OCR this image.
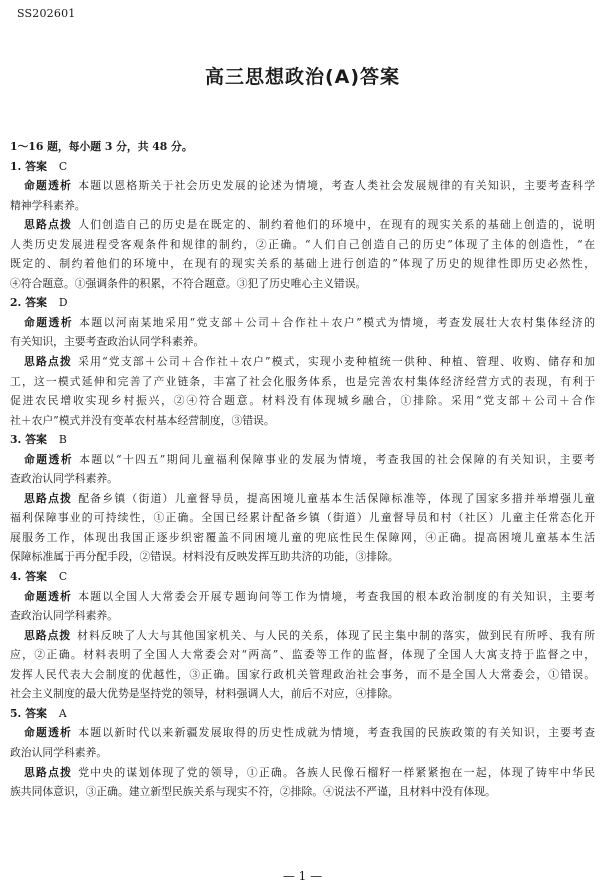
SS202601
高三思想政治(A)答案
1～16 题，每小题 3 分，共 48 分。
1. 答案 C
命题透析 本题以恩格斯关于社会历史发展的论述为情境，考查人类社会发展规律的有关知识，主要考查科学
精神学科素养。
思路点拨 人们创造自己的历史是在既定的、制约着他们的环境中，在现有的现实关系的基础上创造的，说明
人类历史发展进程受客观条件和规律的制约，②正确。“人们自己创造自己的历史”体现了主体的创造性，“在
既定的、制约着他们的环境中，在现有的现实关系的基础上进行创造的”体现了历史的规律性即历史必然性，
④符合题意。①强调条件的积累，不符合题意。③犯了历史唯心主义错误。
2. 答案 D
命题透析 本题以河南某地采用“党支部＋公司＋合作社＋农户”模式为情境，考查发展壮大农村集体经济的
有关知识，主要考查政治认同学科素养。
思路点拨 采用“党支部＋公司＋合作社＋农户”模式，实现小麦种植统一供种、种植、管理、收购、储存和加
工，这一模式延伸和完善了产业链条，丰富了社会化服务体系，也是完善农村集体经济经营方式的表现，有利于
促进农民增收实现乡村振兴，②④符合题意。材料没有体现城乡融合，①排除。采用“党支部＋公司＋合作
社＋农户”模式并没有变革农村基本经营制度，③错误。
3. 答案 B
命题透析 本题以“十四五”期间儿童福利保障事业的发展为情境，考查我国的社会保障的有关知识，主要考
查政治认同学科素养。
思路点拨 配备乡镇（街道）儿童督导员，提高困境儿童基本生活保障标准等，体现了国家多措并举增强儿童
福利保障事业的可持续性，①正确。全国已经累计配备乡镇（街道）儿童督导员和村（社区）儿童主任常态化开
展服务工作，体现出我国正逐步织密覆盖不同困境儿童的兜底性民生保障网，④正确。提高困境儿童基本生活
保障标准属于再分配手段，②错误。材料没有反映发挥互助共济的功能，③排除。
4. 答案 C
命题透析 本题以全国人大常委会开展专题询问等工作为情境，考查我国的根本政治制度的有关知识，主要考
查政治认同学科素养。
思路点拨 材料反映了人大与其他国家机关、与人民的关系，体现了民主集中制的落实，做到民有所呼、我有所
应，②正确。材料表明了全国人大常委会对“两高”、监委等工作的监督，体现了全国人大寓支持于监督之中，
发挥人民代表大会制度的优越性，③正确。国家行政机关管理政治社会事务，而不是全国人大常委会，①错误。
社会主义制度的最大优势是坚持党的领导，材料强调人大，前后不对应，④排除。
5. 答案 A
命题透析 本题以新时代以来新疆发展取得的历史性成就为情境，考查我国的民族政策的有关知识，主要考查
政治认同学科素养。
思路点拨 党中央的谋划体现了党的领导，①正确。各族人民像石榴籽一样紧紧抱在一起，体现了铸牢中华民
族共同体意识，③正确。建立新型民族关系与现实不符，②排除。④说法不严谨，且材料中没有体现。
— 1 —
